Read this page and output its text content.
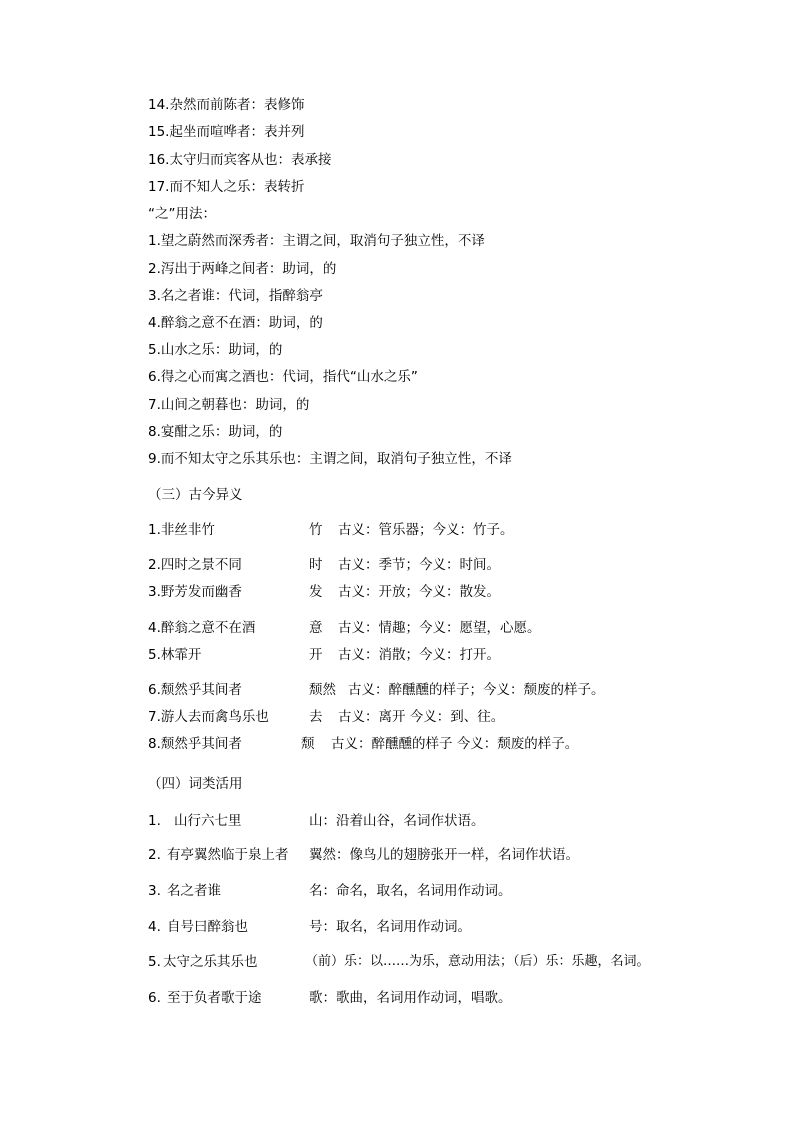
14.杂然而前陈者：表修饰
15.起坐而喧哗者：表并列
16.太守归而宾客从也：表承接
17.而不知人之乐：表转折
“之”用法：
1.望之蔚然而深秀者：主谓之间，取消句子独立性，不译
2.泻出于两峰之间者：助词，的
3.名之者谁：代词，指醉翁亭
4.醉翁之意不在酒：助词，的
5.山水之乐：助词，的
6.得之心而寓之酒也：代词，指代“山水之乐”
7.山间之朝暮也：助词，的
8.宴酣之乐：助词，的
9.而不知太守之乐其乐也：主谓之间，取消句子独立性，不译
（三）古今异义
1.非丝非竹	竹 古义：管乐器；今义：竹子。
2.四时之景不同	时 古义：季节；今义：时间。
3.野芳发而幽香	发 古义：开放；今义：散发。
4.醉翁之意不在酒	意 古义：情趣；今义：愿望，心愿。
5.林霏开	开 古义：消散；今义：打开。
6.颓然乎其间者	颓然 古义：醉醺醺的样子；今义：颓废的样子。
7.游人去而禽鸟乐也	去 古义：离开 今义：到、往。
8.颓然乎其间者	颓 古义：醉醺醺的样子 今义：颓废的样子。
（四）词类活用
1. 山行六七里	山：沿着山谷，名词作状语。
2. 有亭翼然临于泉上者 翼然：像鸟儿的翅膀张开一样，名词作状语。
3. 名之者谁	名：命名，取名，名词用作动词。
4. 自号曰醉翁也	号：取名，名词用作动词。
5. 太守之乐其乐也	（前）乐：以……为乐，意动用法；（后）乐：乐趣，名词。
6. 至于负者歌于途	歌：歌曲，名词用作动词，唱歌。
